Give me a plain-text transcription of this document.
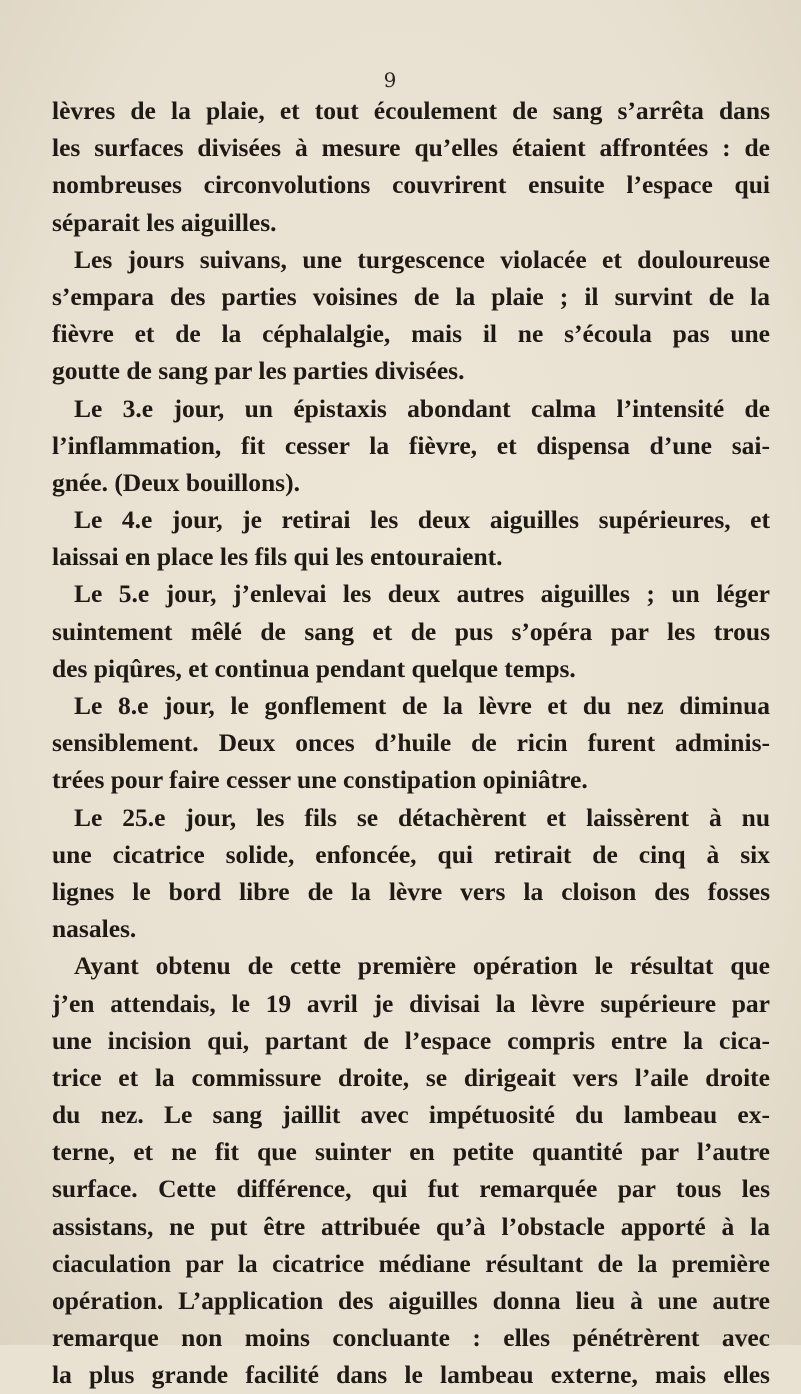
9
lèvres de la plaie, et tout écoulement de sang s’arrêta dans
les surfaces divisées à mesure qu’elles étaient affrontées : de
nombreuses circonvolutions couvrirent ensuite l’espace qui
séparait les aiguilles.
Les jours suivans, une turgescence violacée et douloureuse
s’empara des parties voisines de la plaie ; il survint de la
fièvre et de la céphalalgie, mais il ne s’écoula pas une
goutte de sang par les parties divisées.
Le 3.e jour, un épistaxis abondant calma l’intensité de
l’inflammation, fit cesser la fièvre, et dispensa d’une sai-
gnée. (Deux bouillons).
Le 4.e jour, je retirai les deux aiguilles supérieures, et
laissai en place les fils qui les entouraient.
Le 5.e jour, j’enlevai les deux autres aiguilles ; un léger
suintement mêlé de sang et de pus s’opéra par les trous
des piqûres, et continua pendant quelque temps.
Le 8.e jour, le gonflement de la lèvre et du nez diminua
sensiblement. Deux onces d’huile de ricin furent adminis-
trées pour faire cesser une constipation opiniâtre.
Le 25.e jour, les fils se détachèrent et laissèrent à nu
une cicatrice solide, enfoncée, qui retirait de cinq à six
lignes le bord libre de la lèvre vers la cloison des fosses
nasales.
Ayant obtenu de cette première opération le résultat que
j’en attendais, le 19 avril je divisai la lèvre supérieure par
une incision qui, partant de l’espace compris entre la cica-
trice et la commissure droite, se dirigeait vers l’aile droite
du nez. Le sang jaillit avec impétuosité du lambeau ex-
terne, et ne fit que suinter en petite quantité par l’autre
surface. Cette différence, qui fut remarquée par tous les
assistans, ne put être attribuée qu’à l’obstacle apporté à la
ciaculation par la cicatrice médiane résultant de la première
opération. L’application des aiguilles donna lieu à une autre
remarque non moins concluante : elles pénétrèrent avec
la plus grande facilité dans le lambeau externe, mais elles
